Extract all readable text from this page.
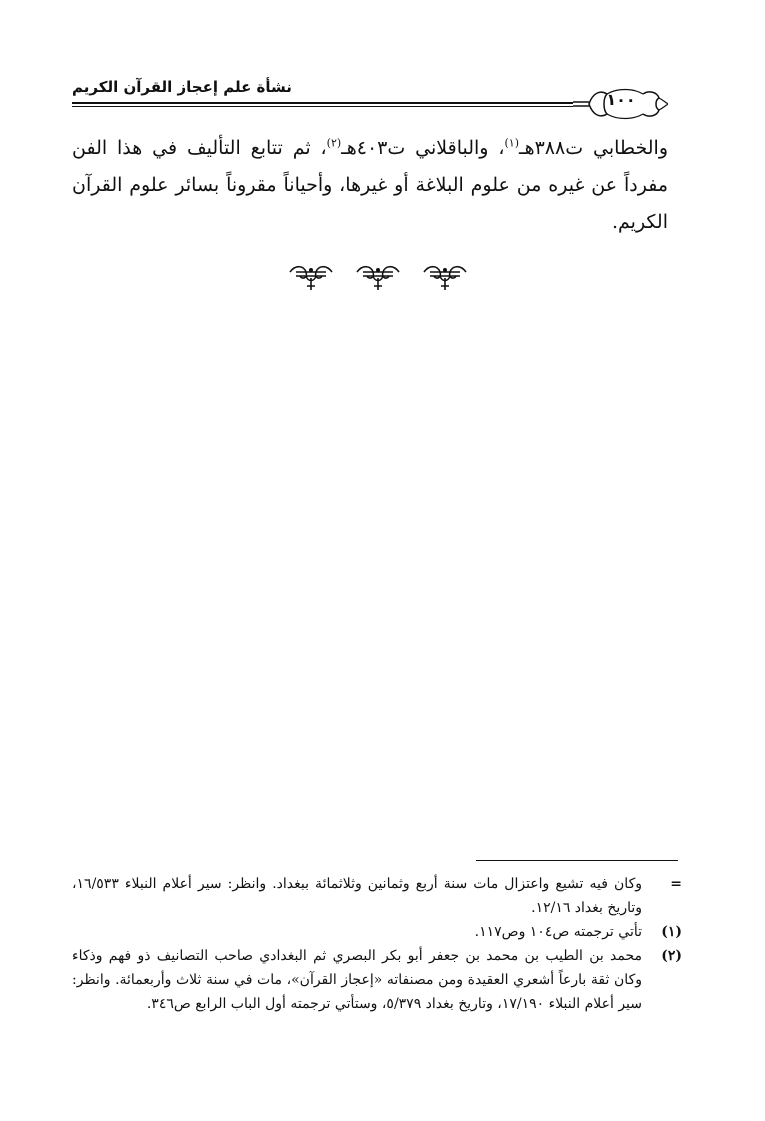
نشأة علم إعجاز القرآن الكريم
١٠٠

والخطابي ت٣٨٨هـ$^{(١)}$، والباقلاني ت٤٠٣هـ$^{(٢)}$، ثم تتابع التأليف في هذا الفن مفرداً عن غيره من علوم البلاغة أو غيرها، وأحياناً مقروناً بسائر علوم القرآن الكريم.

=
وكان فيه تشيع واعتزال مات سنة أربع وثمانين وثلاثمائة ببغداد. وانظر: سير أعلام النبلاء ١٦/٥٣٣، وتاريخ بغداد ١٢/١٦.
(١)
تأتي ترجمته ص١٠٤ وص١١٧.
(٢)
محمد بن الطيب بن محمد بن جعفر أبو بكر البصري ثم البغدادي صاحب التصانيف ذو فهم وذكاء وكان ثقة بارعاً أشعري العقيدة ومن مصنفاته «إعجاز القرآن»، مات في سنة ثلاث وأربعمائة. وانظر: سير أعلام النبلاء ١٧/١٩٠، وتاريخ بغداد ٥/٣٧٩، وستأتي ترجمته أول الباب الرابع ص٣٤٦.
